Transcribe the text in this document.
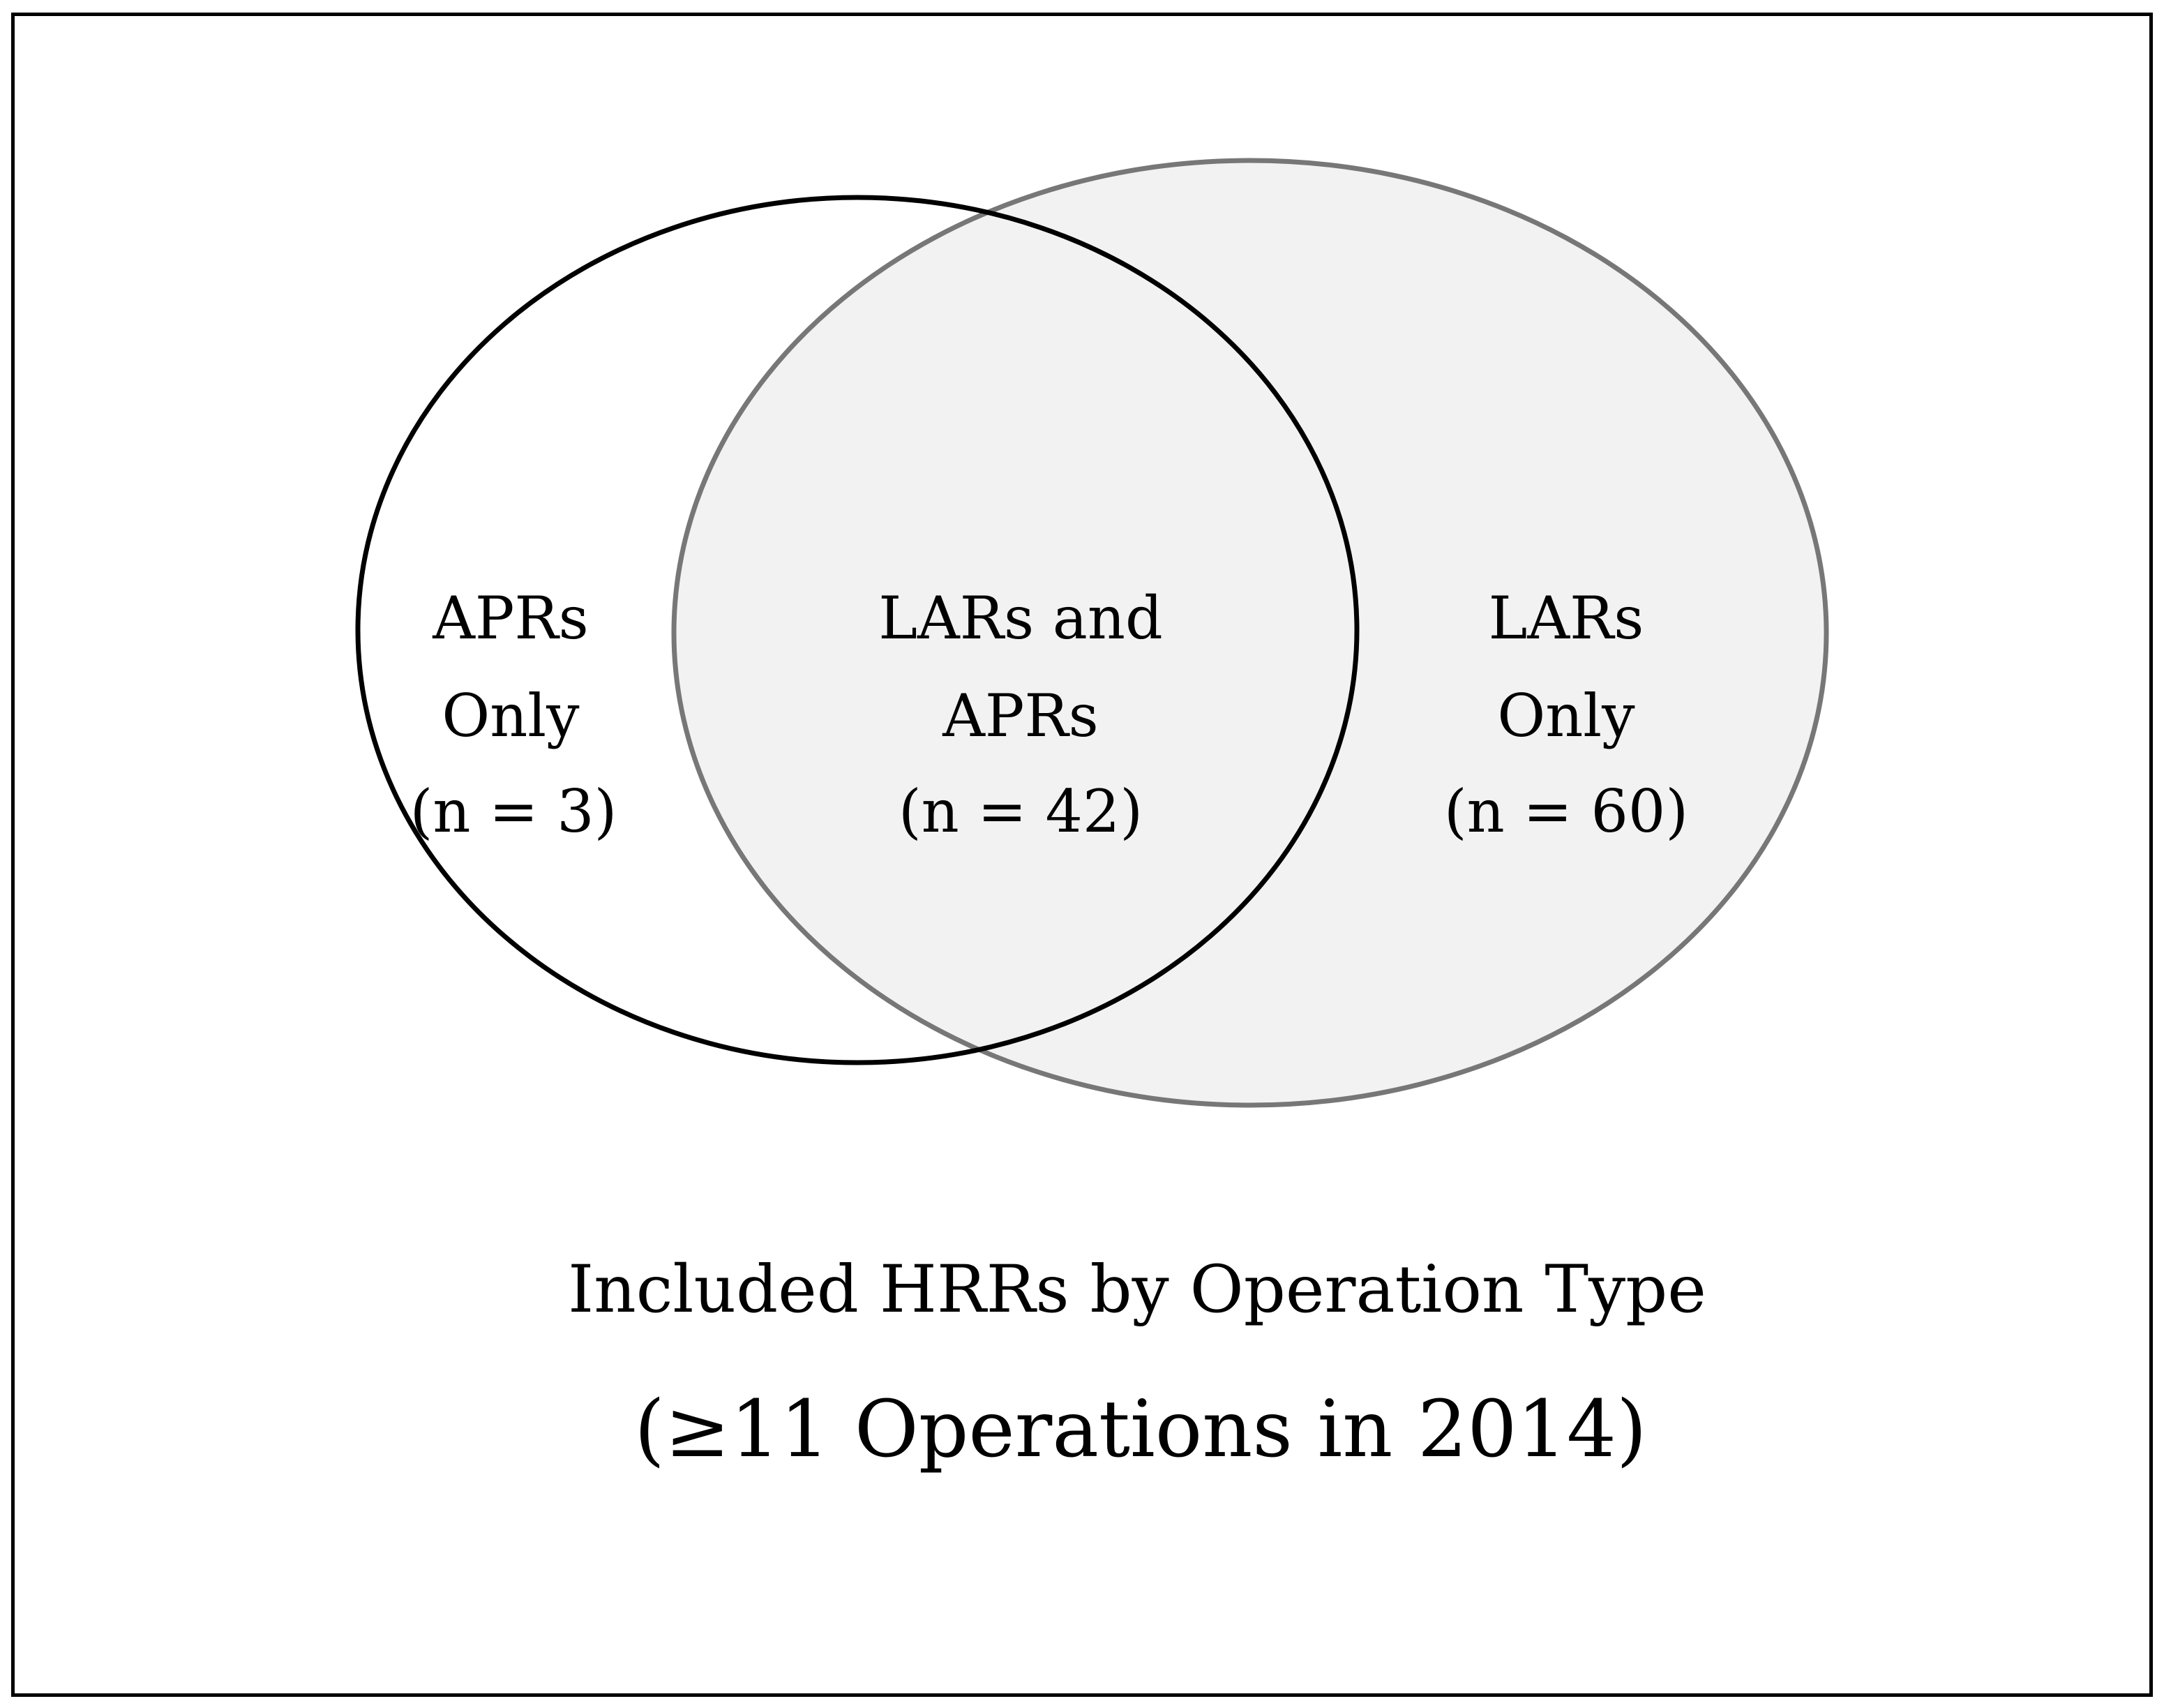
APRs
Only
(n = 3)
LARs and
APRs
(n = 42)
LARs
Only
(n = 60)
Included HRRs by Operation Type
(≥11 Operations in 2014)
